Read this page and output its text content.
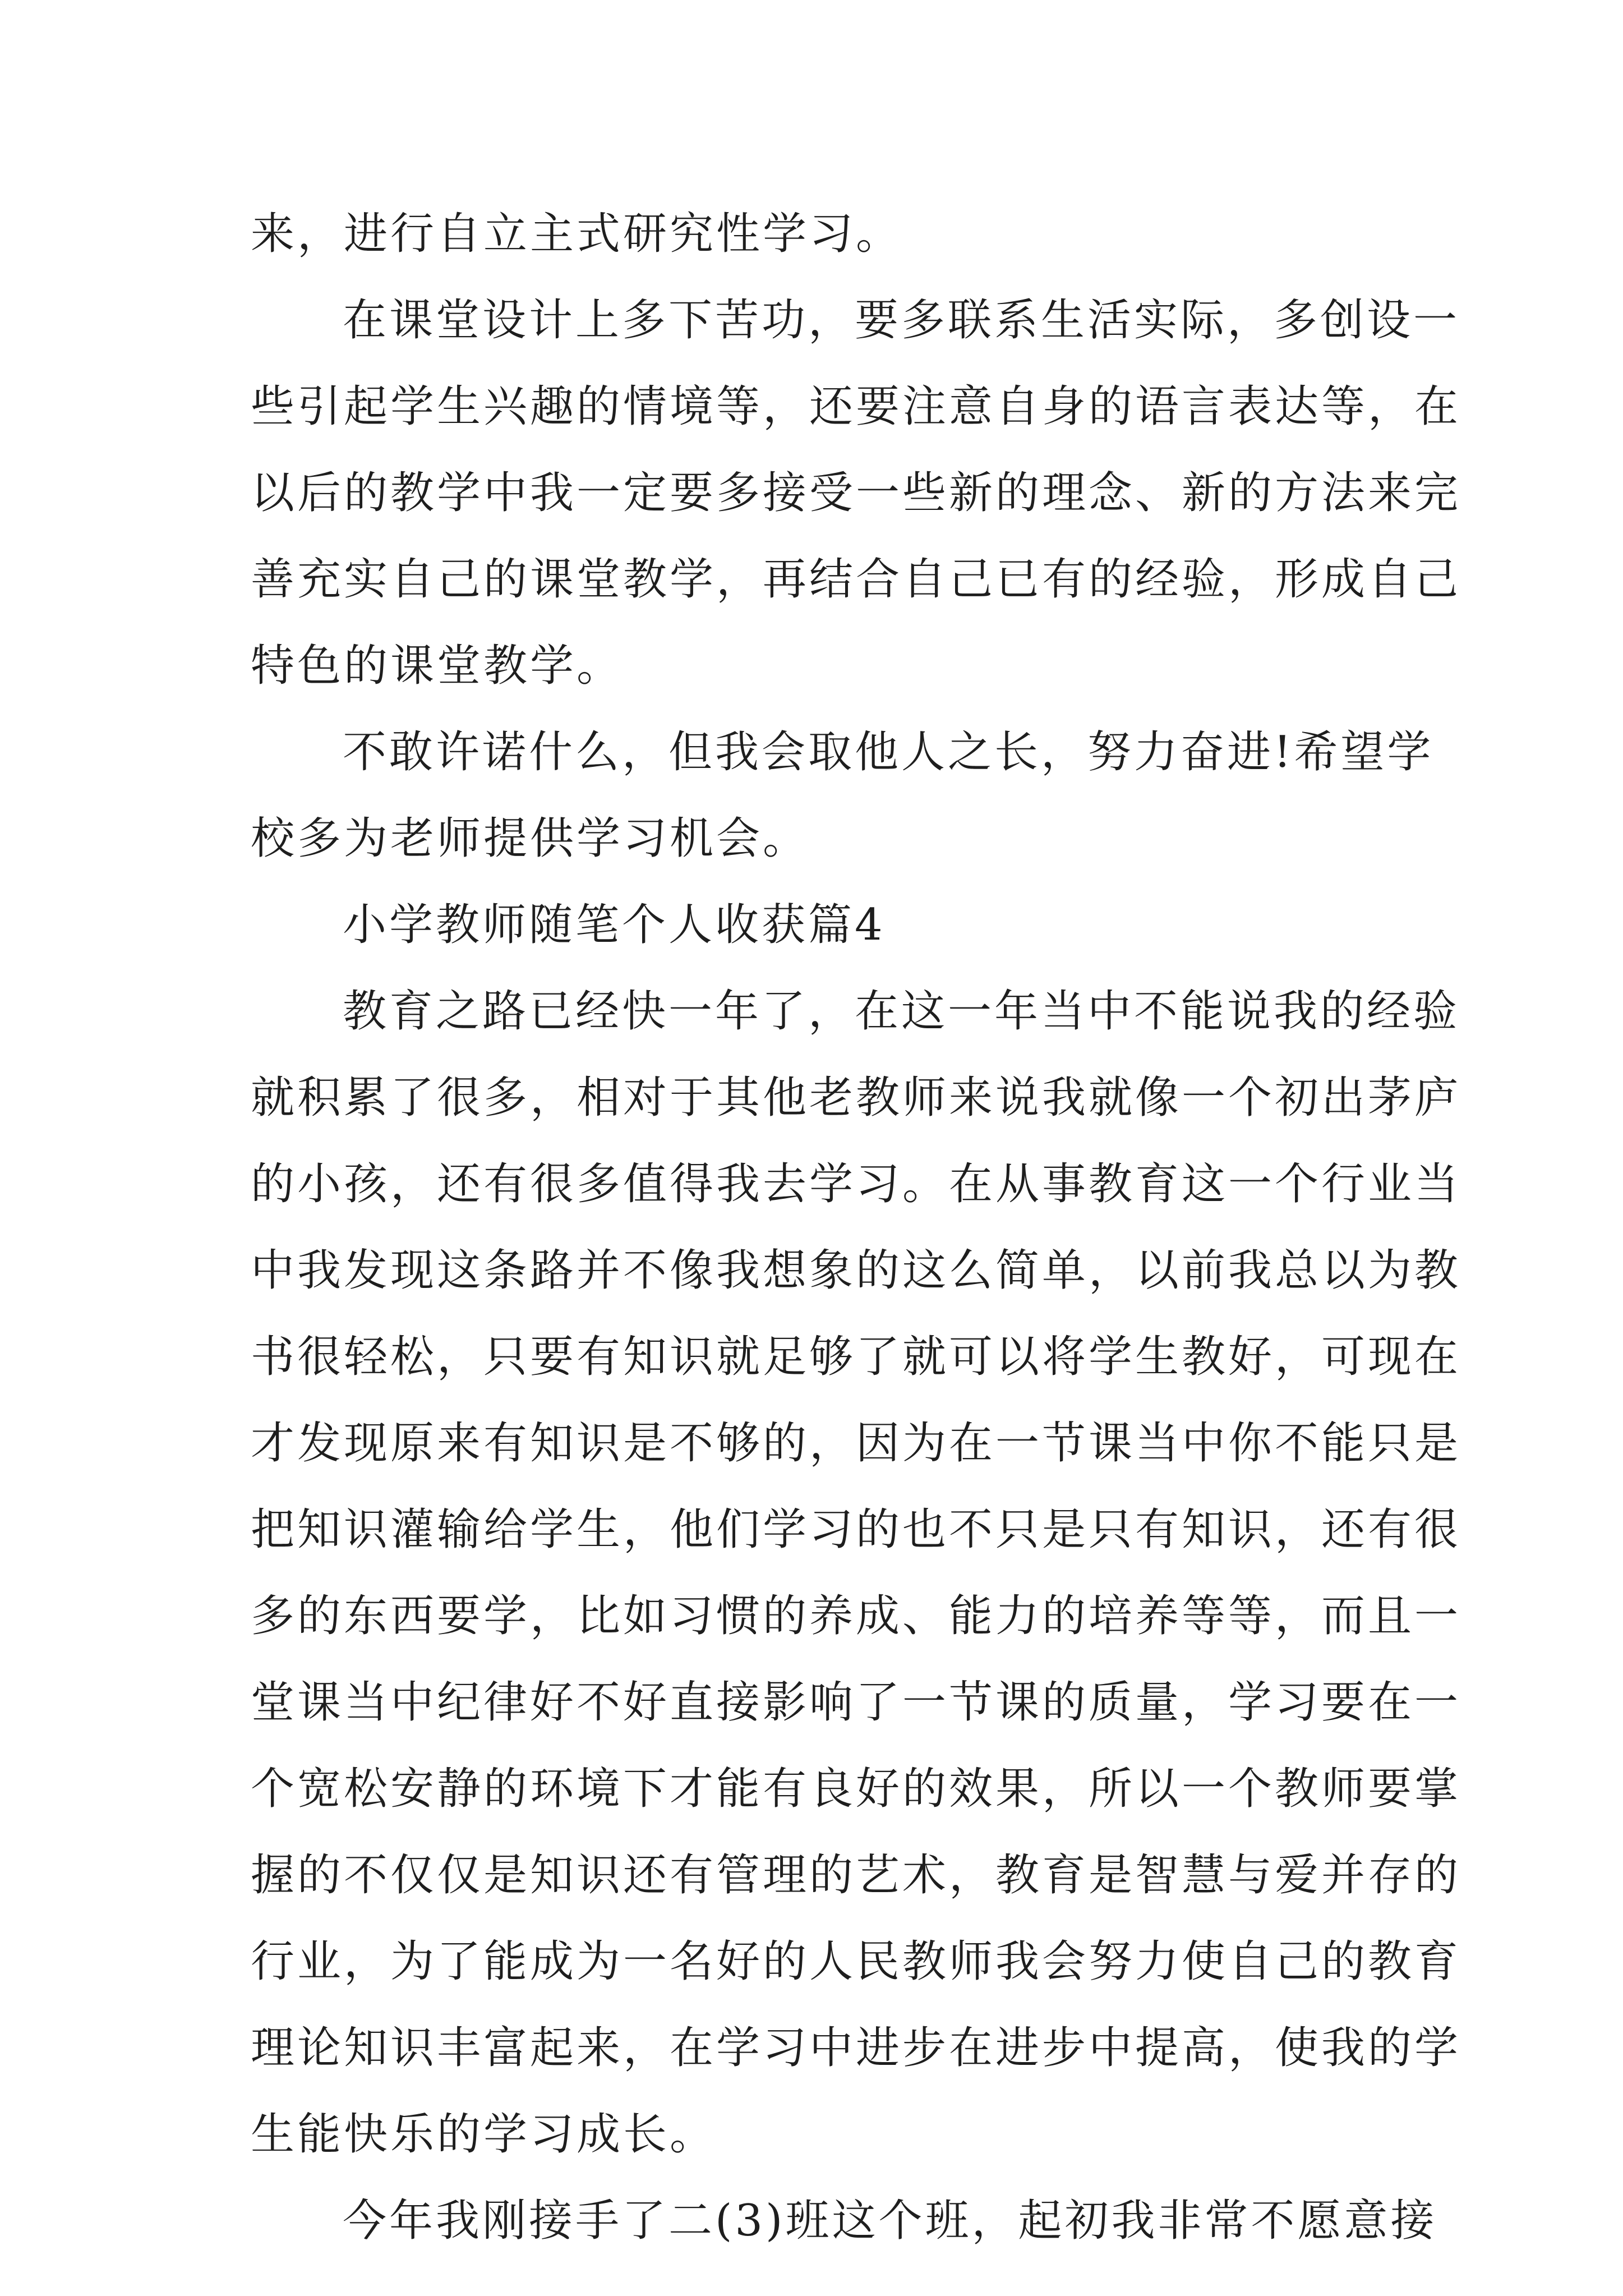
来，进行自立主式研究性学习。
在课堂设计上多下苦功，要多联系生活实际，多创设一
些引起学生兴趣的情境等，还要注意自身的语言表达等，在
以后的教学中我一定要多接受一些新的理念、新的方法来完
善充实自己的课堂教学，再结合自己已有的经验，形成自己
特色的课堂教学。
不敢许诺什么，但我会取他人之长，努力奋进!希望学
校多为老师提供学习机会。
小学教师随笔个人收获篇4
教育之路已经快一年了，在这一年当中不能说我的经验
就积累了很多，相对于其他老教师来说我就像一个初出茅庐
的小孩，还有很多值得我去学习。在从事教育这一个行业当
中我发现这条路并不像我想象的这么简单，以前我总以为教
书很轻松，只要有知识就足够了就可以将学生教好，可现在
才发现原来有知识是不够的，因为在一节课当中你不能只是
把知识灌输给学生，他们学习的也不只是只有知识，还有很
多的东西要学，比如习惯的养成、能力的培养等等，而且一
堂课当中纪律好不好直接影响了一节课的质量，学习要在一
个宽松安静的环境下才能有良好的效果，所以一个教师要掌
握的不仅仅是知识还有管理的艺术，教育是智慧与爱并存的
行业，为了能成为一名好的人民教师我会努力使自己的教育
理论知识丰富起来，在学习中进步在进步中提高，使我的学
生能快乐的学习成长。
今年我刚接手了二(3)班这个班，起初我非常不愿意接
